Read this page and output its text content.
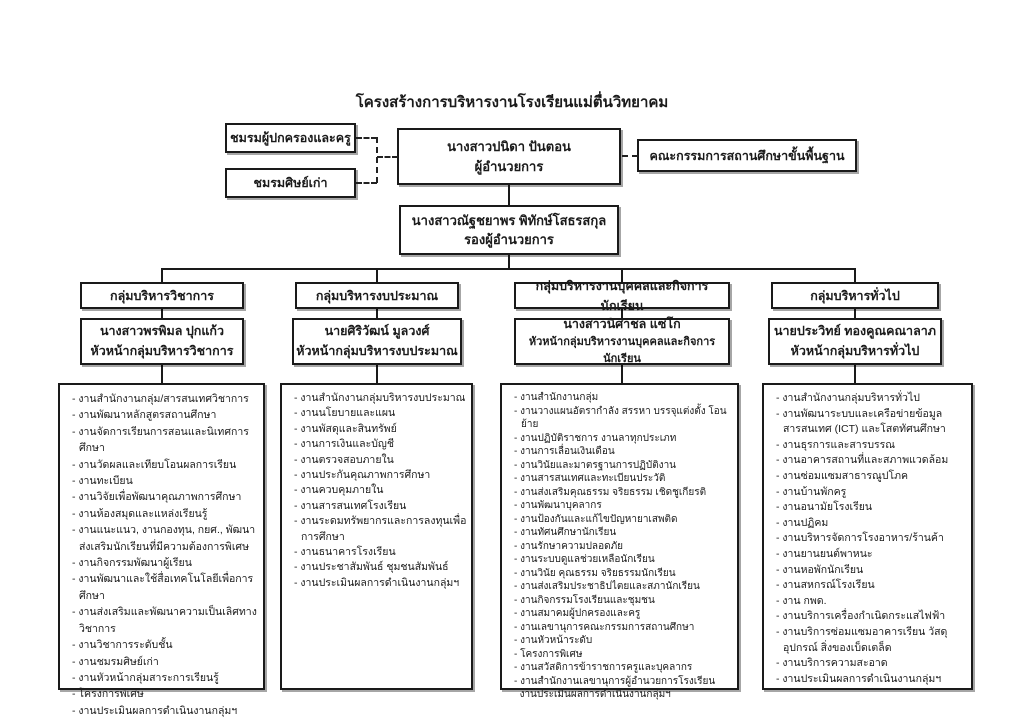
โครงสร้างการบริหารงานโรงเรียนแม่ตื่นวิทยาคม
ชมรมผู้ปกครองและครู
ชมรมศิษย์เก่า
นางสาวปนิดา ปันตอน
ผู้อำนวยการ
คณะกรรมการสถานศึกษาขั้นพื้นฐาน
นางสาวณัฐชยาพร พิทักษ์โสธรสกุล
รองผู้อำนวยการ
กลุ่มบริหารวิชาการ	กลุ่มบริหารงบประมาณ
กลุ่มบริหารงานบุคคลและกิจการนักเรียน
กลุ่มบริหารทั่วไป
นางสาวพรพิมล ปุกแก้ว
หัวหน้ากลุ่มบริหารวิชาการ
นายศิริวัฒน์ มูลวงศ์
หัวหน้ากลุ่มบริหารงบประมาณ
นางสาวนิศาชล แซ่โก
หัวหน้ากลุ่มบริหารงานบุคคลและกิจการนักเรียน
นายประวิทย์ ทองคูณคณาลาภ
หัวหน้ากลุ่มบริหารทั่วไป
- งานสำนักงานกลุ่ม/สารสนเทศวิชาการ
- งานพัฒนาหลักสูตรสถานศึกษา
- งานจัดการเรียนการสอนและนิเทศการศึกษา
- งานวัดผลและเทียบโอนผลการเรียน
- งานทะเบียน
- งานวิจัยเพื่อพัฒนาคุณภาพการศึกษา
- งานห้องสมุดและแหล่งเรียนรู้
- งานแนะแนว, งานกองทุน, กยศ., พัฒนาส่งเสริมนักเรียนที่มีความต้องการพิเศษ
- งานกิจกรรมพัฒนาผู้เรียน
- งานพัฒนาและใช้สื่อเทคโนโลยีเพื่อการศึกษา
- งานส่งเสริมและพัฒนาความเป็นเลิศทางวิชาการ
- งานวิชาการระดับชั้น
- งานชมรมศิษย์เก่า
- งานหัวหน้ากลุ่มสาระการเรียนรู้
- โครงการพิเศษ
- งานประเมินผลการดำเนินงานกลุ่มฯ
- งานสำนักงานกลุ่มบริหารงบประมาณ
- งานนโยบายและแผน
- งานพัสดุและสินทรัพย์
- งานการเงินและบัญชี
- งานตรวจสอบภายใน
- งานประกันคุณภาพการศึกษา
- งานควบคุมภายใน
- งานสารสนเทศโรงเรียน
- งานระดมทรัพยากรและการลงทุนเพื่อการศึกษา
- งานธนาคารโรงเรียน
- งานประชาสัมพันธ์ ชุมชนสัมพันธ์
- งานประเมินผลการดำเนินงานกลุ่มฯ
- งานสำนักงานกลุ่ม
- งานวางแผนอัตรากำลัง สรรหา บรรจุแต่งตั้ง โอนย้าย
- งานปฏิบัติราชการ งานลาทุกประเภท
- งานการเลื่อนเงินเดือน
- งานวินัยและมาตรฐานการปฏิบัติงาน
- งานสารสนเทศและทะเบียนประวัติ
- งานส่งเสริมคุณธรรม จริยธรรม เชิดชูเกียรติ
- งานพัฒนาบุคลากร
- งานป้องกันและแก้ไขปัญหายาเสพติด
- งานทัศนศึกษานักเรียน
- งานรักษาความปลอดภัย
- งานระบบดูแลช่วยเหลือนักเรียน
- งานวินัย คุณธรรม จริยธรรมนักเรียน
- งานส่งเสริมประชาธิปไตยและสภานักเรียน
- งานกิจกรรมโรงเรียนและชุมชน
- งานสมาคมผู้ปกครองและครู
- งานเลขานุการคณะกรรมการสถานศึกษา
- งานหัวหน้าระดับ
- โครงการพิเศษ
- งานสวัสดิการข้าราชการครูและบุคลากร
- งานสำนักงานเลขานุการผู้อำนวยการโรงเรียน
งานประเมินผลการดำเนินงานกลุ่มฯ
- งานสำนักงานกลุ่มบริหารทั่วไป
- งานพัฒนาระบบและเครือข่ายข้อมูลสารสนเทศ (ICT) และโสตทัศนศึกษา
- งานธุรการและสารบรรณ
- งานอาคารสถานที่และสภาพแวดล้อม
- งานซ่อมแซมสาธารณูปโภค
- งานบ้านพักครู
- งานอนามัยโรงเรียน
- งานปฏิคม
- งานบริหารจัดการโรงอาหาร/ร้านค้า
- งานยานยนต์พาหนะ
- งานหอพักนักเรียน
- งานสหกรณ์โรงเรียน
- งาน กพด.
- งานบริการเครื่องกำเนิดกระแสไฟฟ้า
- งานบริการซ่อมแซมอาคารเรียน วัสดุอุปกรณ์ สิ่งของเบ็ดเตล็ด
- งานบริการความสะอาด
- งานประเมินผลการดำเนินงานกลุ่มฯ
